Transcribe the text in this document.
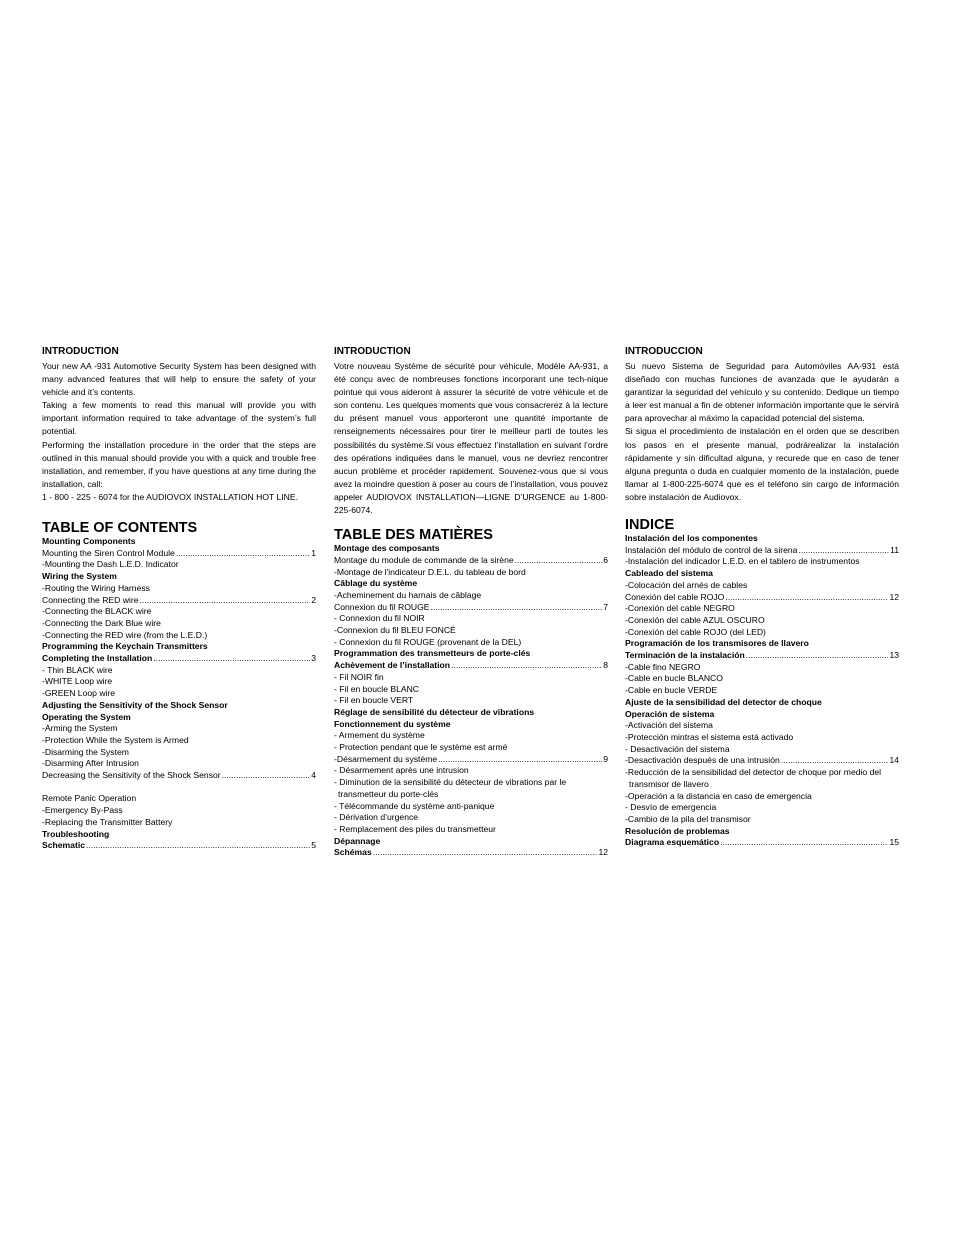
INTRODUCTION

Your new AA -931 Automotive Security System has been designed with many advanced features that will help to ensure the safety of your vehicle and it’s contents.

Taking a few moments to read this manual will provide you with important information required to take advantage of the system’s full potential.

Performing the installation procedure in the order that the steps are outlined in this manual should provide you with a quick and trouble free installation, and remember, if you have questions at any time during the installation, call:

1 - 800 - 225 - 6074 for the AUDIOVOX INSTALLATION HOT LINE.

TABLE OF CONTENTS
Mounting Components
Mounting the Siren Control Module .....	1
-Mounting the Dash L.E.D. Indicator
Wiring the System
-Routing the Wiring Harness
Connecting the RED wire .....	2
-Connecting the BLACK wire
-Connecting the Dark Blue wire
-Connecting the RED wire (from the L.E.D.)
Programming the Keychain Transmitters
Completing the Installation .....	3
- Thin BLACK wire
-WHITE Loop wire
-GREEN Loop wire
Adjusting the Sensitivity of the Shock Sensor
Operating the System
-Arming the System
-Protection While the System is Armed
-Disarming the System
-Disarming After Intrusion
Decreasing the Sensitivity of the Shock Sensor .....	4
Remote Panic Operation
-Emergency By-Pass
-Replacing the Transmitter Battery
Troubleshooting
Schematic .....	5
INTRODUCTION

Votre nouveau Système de sécurité pour véhicule, Modèle AA-931, a été conçu avec de nombreuses fonctions incorporant une tech-nique pointue qui vous aideront à assurer la sécurité de votre véhicule et de son contenu. Les quelques moments que vous consacrerez à la lecture du présent manuel vous apporteront une quantité importante de renseignements nécessaires pour tirer le meilleur parti de toutes les possibilités du système.Si vous effectuez l’installation en suivant l’ordre des opérations indiquées dans le manuel, vous ne devriez rencontrer aucun problème et procéder rapidement. Souvenez-vous que si vous avez la moindre question à poser au cours de l’installation, vous pouvez appeler AUDIOVOX INSTALLATION—LIGNE D’URGENCE au 1-800-225-6074.

TABLE DES MATIÈRES
Montage des composants
Montage du module de commande de la sirène .....	6
-Montage de l'indicateur D.E.L. du tableau de bord
Câblage du système
-Acheminement du harnais de câblage
Connexion du fil ROUGE .....	7
- Connexion du fil NOIR
-Connexion du fil BLEU FONCÉ
- Connexion du fil ROUGE (provenant de la DEL)
Programmation des transmetteurs de porte-clés
Achèvement de l’installation .....	8
- Fil NOIR fin
- Fil en boucle BLANC
- Fil en boucle VERT
Réglage de sensibilité du détecteur de vibrations
Fonctionnement du système
- Armement du système
- Protection pendant que le système est armé
-Désarmement du système .....	9
- Désarmement après une intrusion
- Diminution de la sensibilité du détecteur de vibrations par le
transmetteur du porte-clés
- Télécommande du système anti-panique
- Dérivation d’urgence
- Remplacement des piles du transmetteur
Dépannage
Schémas .....	12
INTRODUCCION

Su nuevo Sistema de Seguridad para Automóviles AA-931 está diseñado con muchas funciones de avanzada que le ayudarán a garantizar la seguridad del vehículo y su contenido. Dedique un tiempo a leer est manual a fin de obtener información importante que le servirá para aprovechar al máximo la capacidad potencial del sistema.

Si sigua el procedimiento de instalación en el orden que se describen los pasos en el presente manual, podrárealizar la instalación rápidamente y sin dificultad alguna, y recurede que en caso de tener alguna pregunta o duda en cualquier momento de la instalación, puede llamar al 1-800-225-6074 que es el teléfono sin cargo de información sobre instalación de Audiovox.

INDICE
Instalación del los componentes
Instalación del módulo de control de la sirena .....	11
-Instalación del indicador L.E.D. en el tablero de instrumentos
Cableado del sistema
-Colocación del arnés de cables
Conexión del cable ROJO .....	12
-Conexión del cable NEGRO
-Conexión del cable AZUL OSCURO
-Conexión del cable ROJO (del LED)
Programación de los transmisores de llavero
Terminación de la instalación .....	13
-Cable fino NEGRO
-Cable en bucle BLANCO
-Cable en bucle VERDE
Ajuste de la sensibilidad del detector de choque
Operación de sistema
-Activación del sistema
-Protección mintras el sistema está activado
- Desactivación del sistema
-Desactivación después de una intrusión .....	14
-Reducción de la sensibilidad del detector de choque por medio del
transmisor de llavero
-Operación a la distancia en caso de emergencia
- Desvío de emergencia
-Cambio de la pila del transmisor
Resolución de problemas
Diagrama esquemático .....	15
